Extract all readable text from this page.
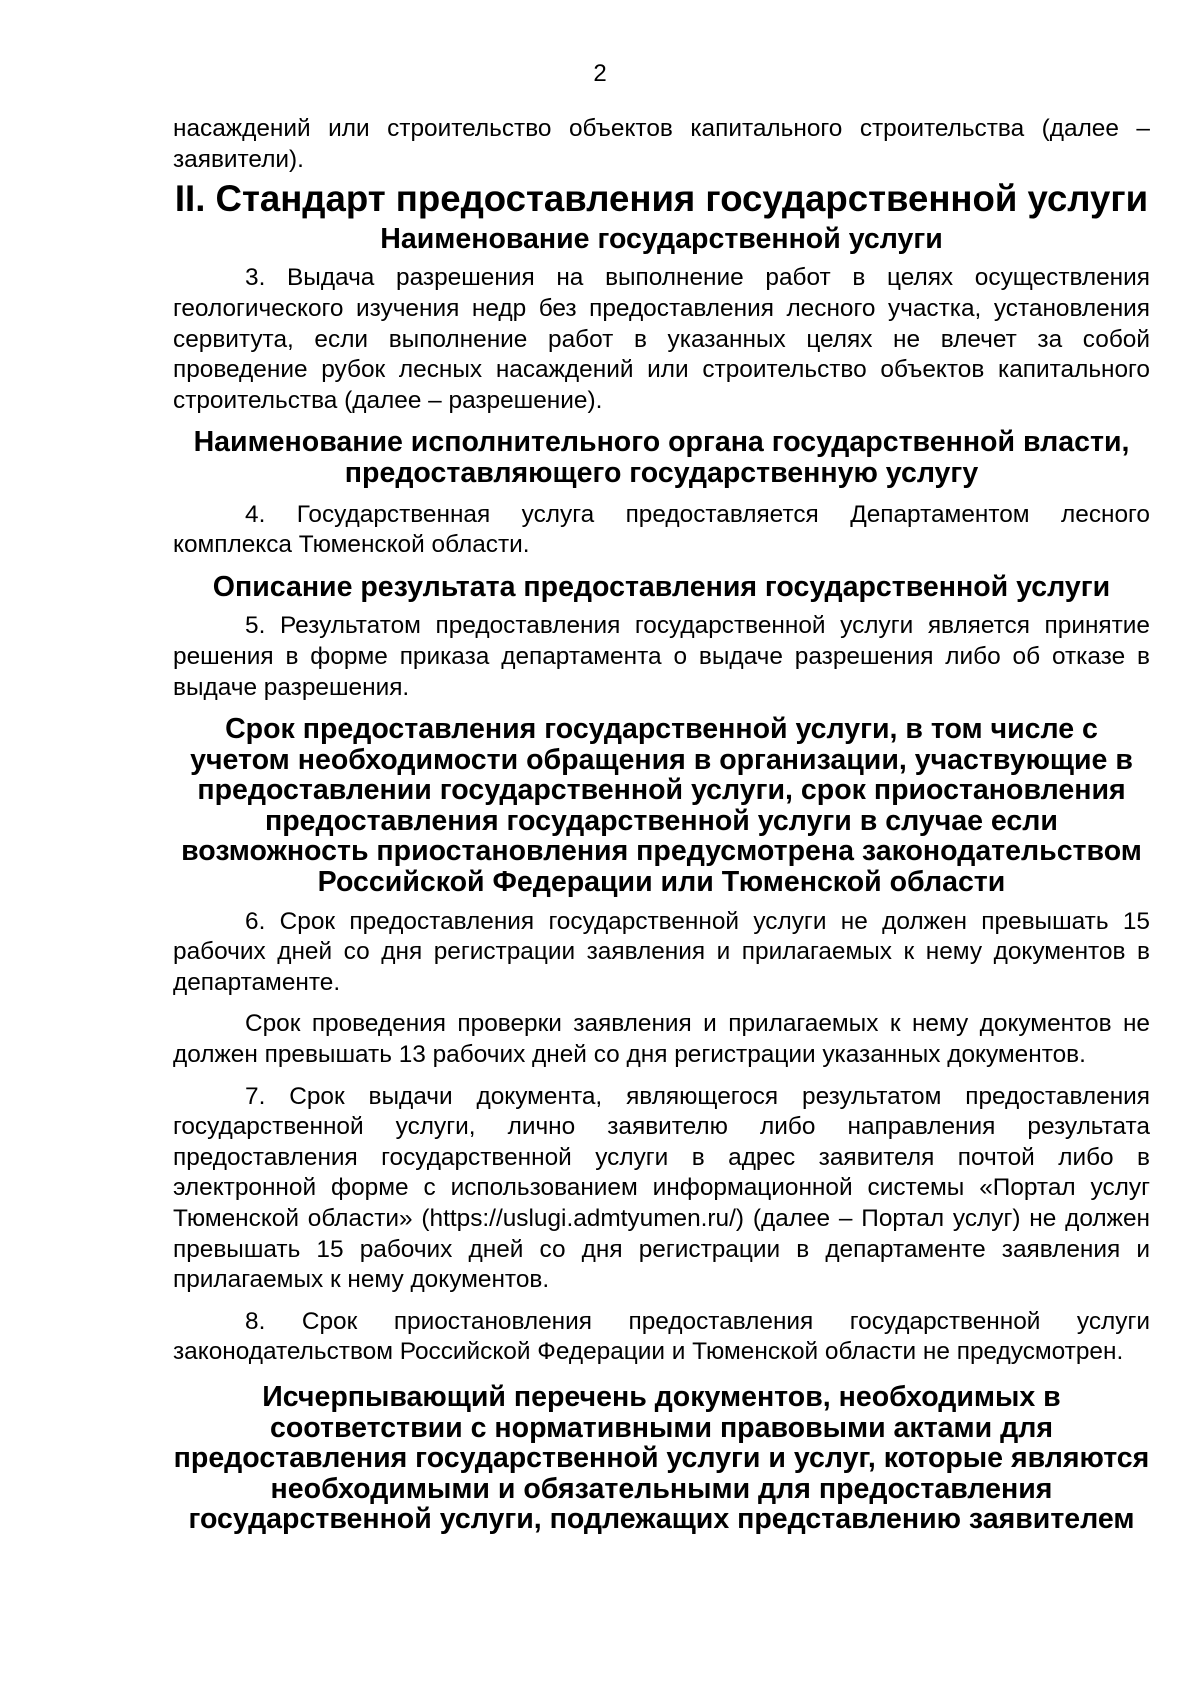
2

насаждений или строительство объектов капитального строительства (далее – заявители).

II. Стандарт предоставления государственной услуги
Наименование государственной услуги

3. Выдача разрешения на выполнение работ в целях осуществления геологического изучения недр без предоставления лесного участка, установления сервитута, если выполнение работ в указанных целях не влечет за собой проведение рубок лесных насаждений или строительство объектов капитального строительства (далее – разрешение).

Наименование исполнительного органа государственной власти, предоставляющего государственную услугу

4. Государственная услуга предоставляется Департаментом лесного комплекса Тюменской области.

Описание результата предоставления государственной услуги

5. Результатом предоставления государственной услуги является принятие решения в форме приказа департамента о выдаче разрешения либо об отказе в выдаче разрешения.

Срок предоставления государственной услуги, в том числе с учетом необходимости обращения в организации, участвующие в предоставлении государственной услуги, срок приостановления предоставления государственной услуги в случае если возможность приостановления предусмотрена законодательством Российской Федерации или Тюменской области

6. Срок предоставления государственной услуги не должен превышать 15 рабочих дней со дня регистрации заявления и прилагаемых к нему документов в департаменте.

Срок проведения проверки заявления и прилагаемых к нему документов не должен превышать 13 рабочих дней со дня регистрации указанных документов.

7. Срок выдачи документа, являющегося результатом предоставления государственной услуги, лично заявителю либо направления результата предоставления государственной услуги в адрес заявителя почтой либо в электронной форме с использованием информационной системы «Портал услуг Тюменской области» (https://uslugi.admtyumen.ru/) (далее – Портал услуг) не должен превышать 15 рабочих дней со дня регистрации в департаменте заявления и прилагаемых к нему документов.

8. Срок приостановления предоставления государственной услуги законодательством Российской Федерации и Тюменской области не предусмотрен.

Исчерпывающий перечень документов, необходимых в соответствии с нормативными правовыми актами для предоставления государственной услуги и услуг, которые являются необходимыми и обязательными для предоставления государственной услуги, подлежащих представлению заявителем
